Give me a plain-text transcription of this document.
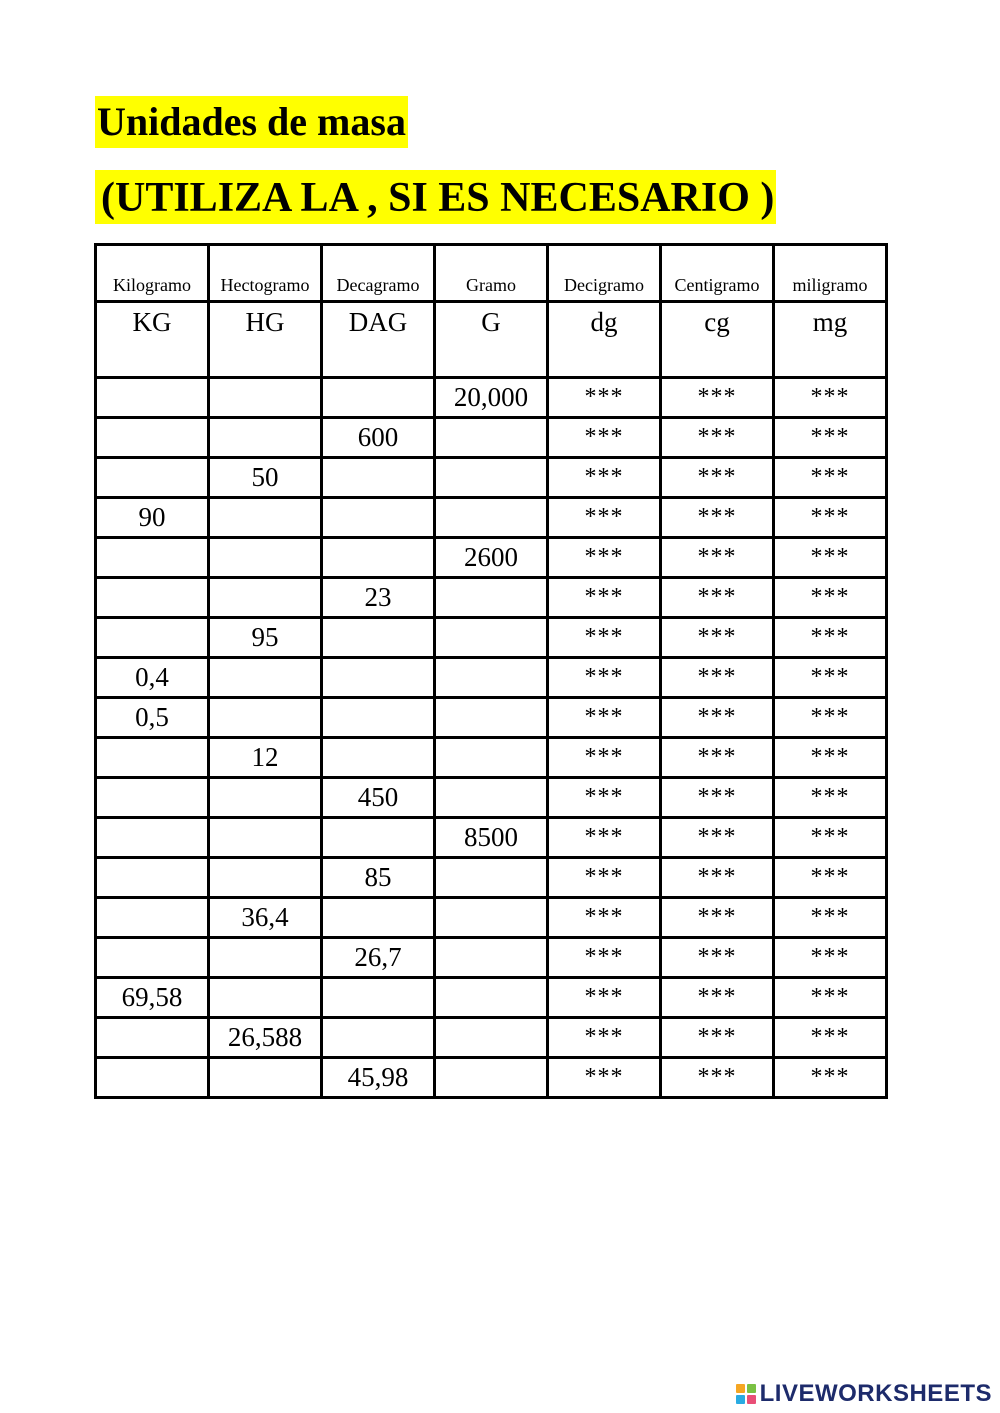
Unidades de masa
(UTILIZA LA , SI ES NECESARIO )
Kilogramo	Hectogramo	Decagramo	Gramo	Decigramo	Centigramo	miligramo
KG	HG	DAG	G	dg	cg	mg
			20,000	***	***	***
		600		***	***	***
	50			***	***	***
90				***	***	***
			2600	***	***	***
		23		***	***	***
	95			***	***	***
0,4				***	***	***
0,5				***	***	***
	12			***	***	***
		450		***	***	***
			8500	***	***	***
		85		***	***	***
	36,4			***	***	***
		26,7		***	***	***
69,58				***	***	***
	26,588			***	***	***
		45,98		***	***	***
LIVEWORKSHEETS
